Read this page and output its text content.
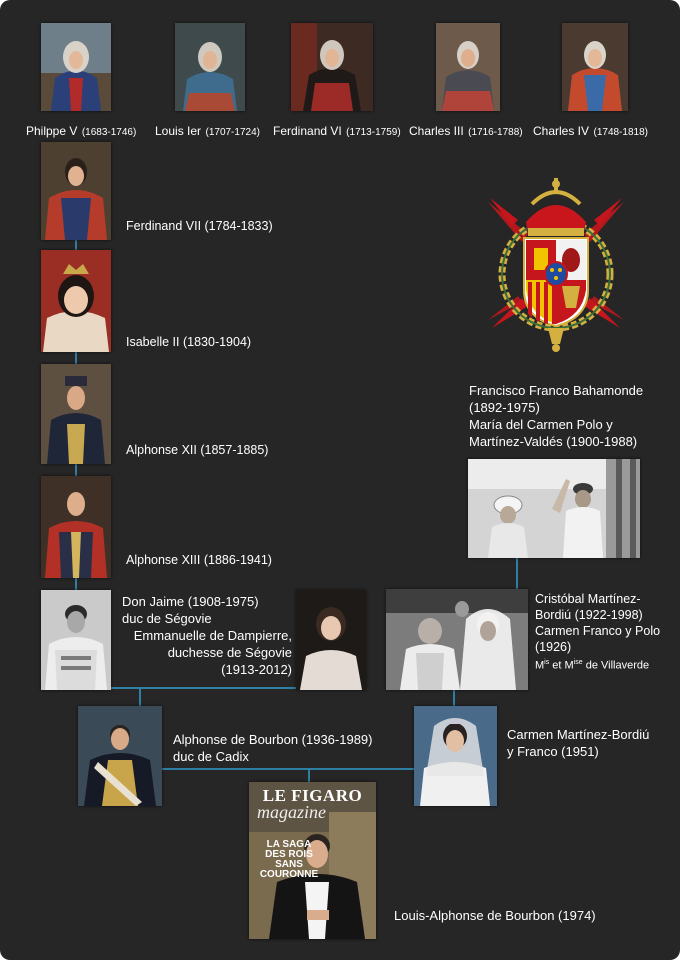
Philppe V (1683-1746) Louis Ier (1707-1724) Ferdinand VI (1713-1759) Charles III (1716-1788) Charles IV (1748-1818)
Ferdinand VII (1784-1833)
Isabelle II (1830-1904)
Alphonse XII (1857-1885)
Alphonse XIII (1886-1941)
Francisco Franco Bahamonde
(1892-1975)
María del Carmen Polo y
Martínez-Valdés (1900-1988)
Don Jaime (1908-1975)
duc de Ségovie
Emmanuelle de Dampierre,
duchesse de Ségovie
(1913-2012)
Cristóbal Martínez-
Bordiú (1922-1998)
Carmen Franco y Polo
(1926)
$M^{is}$ et $M^{ise}$ de Villaverde
Alphonse de Bourbon (1936-1989)
duc de Cadix
Carmen Martínez-Bordiú
y Franco (1951)
LE FIGARO
magazine
LA SAGA DES ROIS SANS COURONNE
Louis-Alphonse de Bourbon (1974)
